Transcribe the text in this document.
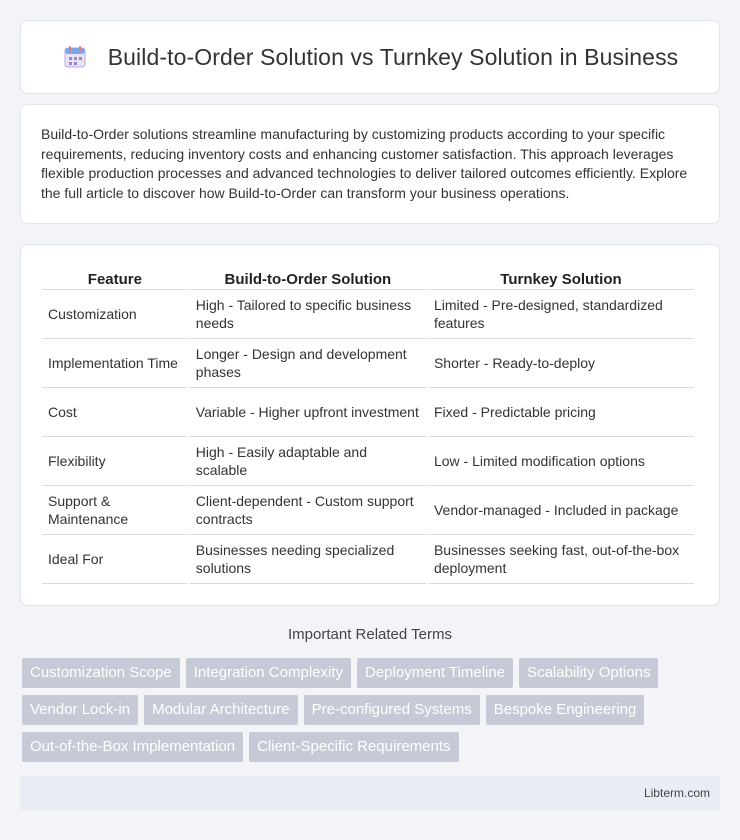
Build-to-Order Solution vs Turnkey Solution in Business

Build-to-Order solutions streamline manufacturing by customizing products according to your specific requirements, reducing inventory costs and enhancing customer satisfaction. This approach leverages flexible production processes and advanced technologies to deliver tailored outcomes efficiently. Explore the full article to discover how Build-to-Order can transform your business operations.

Feature	Build-to-Order Solution	Turnkey Solution
Customization	High - Tailored to specific business needs	Limited - Pre-designed, standardized features
Implementation Time	Longer - Design and development phases	Shorter - Ready-to-deploy
Cost	Variable - Higher upfront investment	Fixed - Predictable pricing
Flexibility	High - Easily adaptable and scalable	Low - Limited modification options
Support & Maintenance	Client-dependent - Custom support contracts	Vendor-managed - Included in package
Ideal For	Businesses needing specialized solutions	Businesses seeking fast, out-of-the-box deployment
Important Related Terms
Customization Scope	Integration Complexity	Deployment Timeline	Scalability Options
Vendor Lock-in	Modular Architecture	Pre-configured Systems	Bespoke Engineering
Out-of-the-Box Implementation	Client-Specific Requirements
Libterm.com
